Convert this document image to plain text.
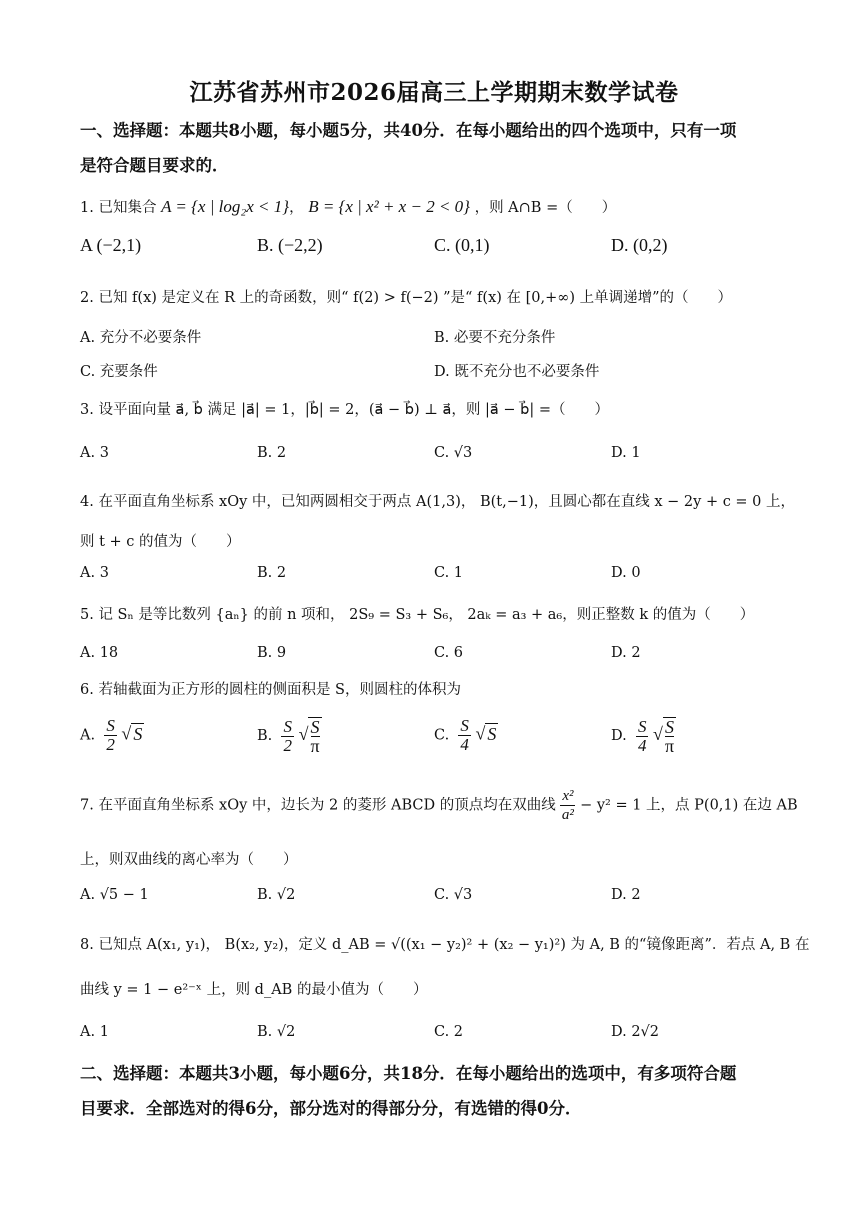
江苏省苏州市2026届高三上学期期末数学试卷
一、选择题：本题共8小题，每小题5分，共40分．在每小题给出的四个选项中，只有一项
是符合题目要求的．
1. 已知集合 A = {x | log₂x < 1}， B = {x | x² + x − 2 < 0} ，则 A∩B =（　　）
A (−2,1)	B. (−2,2)	C. (0,1)	D. (0,2)
2. 已知 f(x) 是定义在 R 上的奇函数，则“ f(2) > f(−2) ”是“ f(x) 在 [0,+∞) 上单调递增”的（　　）
A. 充分不必要条件	B. 必要不充分条件
C. 充要条件	D. 既不充分也不必要条件
3. 设平面向量 a⃗, b⃗ 满足 |a⃗| = 1，|b⃗| = 2，(a⃗ − b⃗) ⊥ a⃗，则 |a⃗ − b⃗| =（　　）
A. 3	B. 2	C. √3	D. 1
4. 在平面直角坐标系 xOy 中，已知两圆相交于两点 A(1,3)， B(t,−1)，且圆心都在直线 x − 2y + c = 0 上，
则 t + c 的值为（　　）
A. 3	B. 2	C. 1	D. 0
5. 记 Sₙ 是等比数列 {aₙ} 的前 n 项和， 2S₉ = S₃ + S₆， 2aₖ = a₃ + a₆，则正整数 k 的值为（　　）
A. 18	B. 9	C. 6	D. 2
6. 若轴截面为正方形的圆柱的侧面积是 S，则圆柱的体积为
A. $\frac{S}{2}$ √ S	B. $\frac{S}{2}$ √ $\frac{S}{\pi}$	C. $\frac{S}{4}$ √ S	D. $\frac{S}{4}$ √ $\frac{S}{\pi}$
7. 在平面直角坐标系 xOy 中，边长为 2 的菱形 ABCD 的顶点均在双曲线 $\frac{\text{x²}}{\text{a²}} - y^2 = 1$ 上，点 P(0,1) 在边 AB
上，则双曲线的离心率为（　　）
A. √5 − 1	B. √2	C. √3	D. 2
8. 已知点 A(x₁, y₁)， B(x₂, y₂)，定义 d_AB = √((x₁ − y₂)² + (x₂ − y₁)²) 为 A, B 的“镜像距离”．若点 A, B 在
曲线 y = 1 − e²⁻ˣ 上，则 d_AB 的最小值为（　　）
A. 1	B. √2	C. 2	D. 2√2
二、选择题：本题共3小题，每小题6分，共18分．在每小题给出的选项中，有多项符合题
目要求．全部选对的得6分，部分选对的得部分分，有选错的得0分．
